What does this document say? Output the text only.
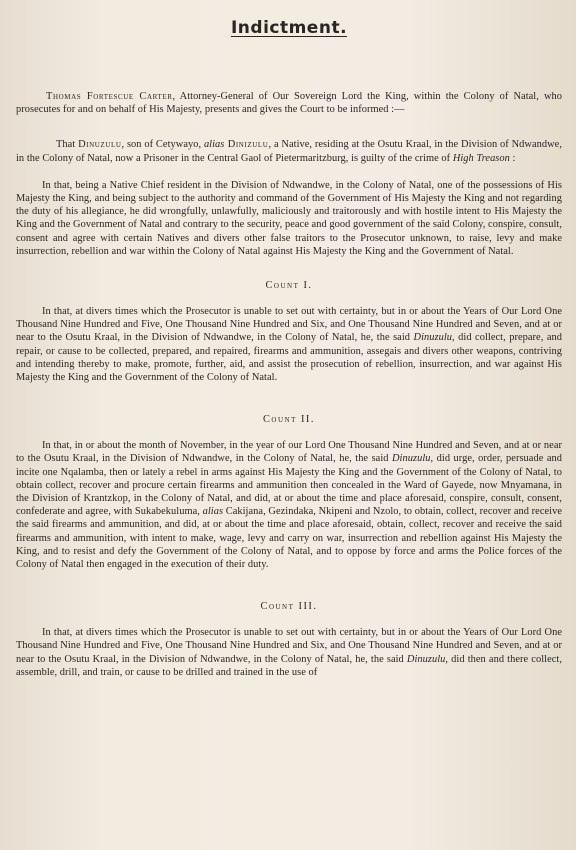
Indictment.

Thomas Fortescue Carter, Attorney-General of Our Sovereign Lord the King, within the Colony of Natal, who prosecutes for and on behalf of His Majesty, presents and gives the Court to be informed :—

That Dinuzulu, son of Cetywayo, alias Dinizulu, a Native, residing at the Osutu Kraal, in the Division of Ndwandwe, in the Colony of Natal, now a Prisoner in the Central Gaol of Pietermaritzburg, is guilty of the crime of High Treason :

In that, being a Native Chief resident in the Division of Ndwandwe, in the Colony of Natal, one of the possessions of His Majesty the King, and being subject to the authority and command of the Government of His Majesty the King and not regarding the duty of his allegiance, he did wrongfully, unlawfully, maliciously and traitorously and with hostile intent to His Majesty the King and the Government of Natal and contrary to the security, peace and good government of the said Colony, conspire, consult, consent and agree with certain Natives and divers other false traitors to the Prosecutor unknown, to raise, levy and make insurrection, rebellion and war within the Colony of Natal against His Majesty the King and the Government of Natal.

Count I.

In that, at divers times which the Prosecutor is unable to set out with certainty, but in or about the Years of Our Lord One Thousand Nine Hundred and Five, One Thousand Nine Hundred and Six, and One Thousand Nine Hundred and Seven, and at or near to the Osutu Kraal, in the Division of Ndwandwe, in the Colony of Natal, he, the said Dinuzulu, did collect, prepare, and repair, or cause to be collected, prepared, and repaired, firearms and ammunition, assegais and divers other weapons, contriving and intending thereby to make, promote, further, aid, and assist the prosecution of rebellion, insurrection, and war against His Majesty the King and the Government of the Colony of Natal.

Count II.

In that, in or about the month of November, in the year of our Lord One Thousand Nine Hundred and Seven, and at or near to the Osutu Kraal, in the Division of Ndwandwe, in the Colony of Natal, he, the said Dinuzulu, did urge, order, persuade and incite one Nqalamba, then or lately a rebel in arms against His Majesty the King and the Government of the Colony of Natal, to obtain collect, recover and procure certain firearms and ammunition then concealed in the Ward of Gayede, now Mnyamana, in the Division of Krantzkop, in the Colony of Natal, and did, at or about the time and place aforesaid, conspire, consult, consent, confederate and agree, with Sukabekuluma, alias Cakijana, Gezindaka, Nkipeni and Nzolo, to obtain, collect, recover and receive the said firearms and ammunition, and did, at or about the time and place aforesaid, obtain, collect, recover and receive the said firearms and ammunition, with intent to make, wage, levy and carry on war, insurrection and rebellion against His Majesty the King, and to resist and defy the Government of the Colony of Natal, and to oppose by force and arms the Police forces of the Colony of Natal then engaged in the execution of their duty.

Count III.

In that, at divers times which the Prosecutor is unable to set out with certainty, but in or about the Years of Our Lord One Thousand Nine Hundred and Five, One Thousand Nine Hundred and Six, and One Thousand Nine Hundred and Seven, and at or near to the Osutu Kraal, in the Division of Ndwandwe, in the Colony of Natal, he, the said Dinuzulu, did then and there collect, assemble, drill, and train, or cause to be drilled and trained in the use of
